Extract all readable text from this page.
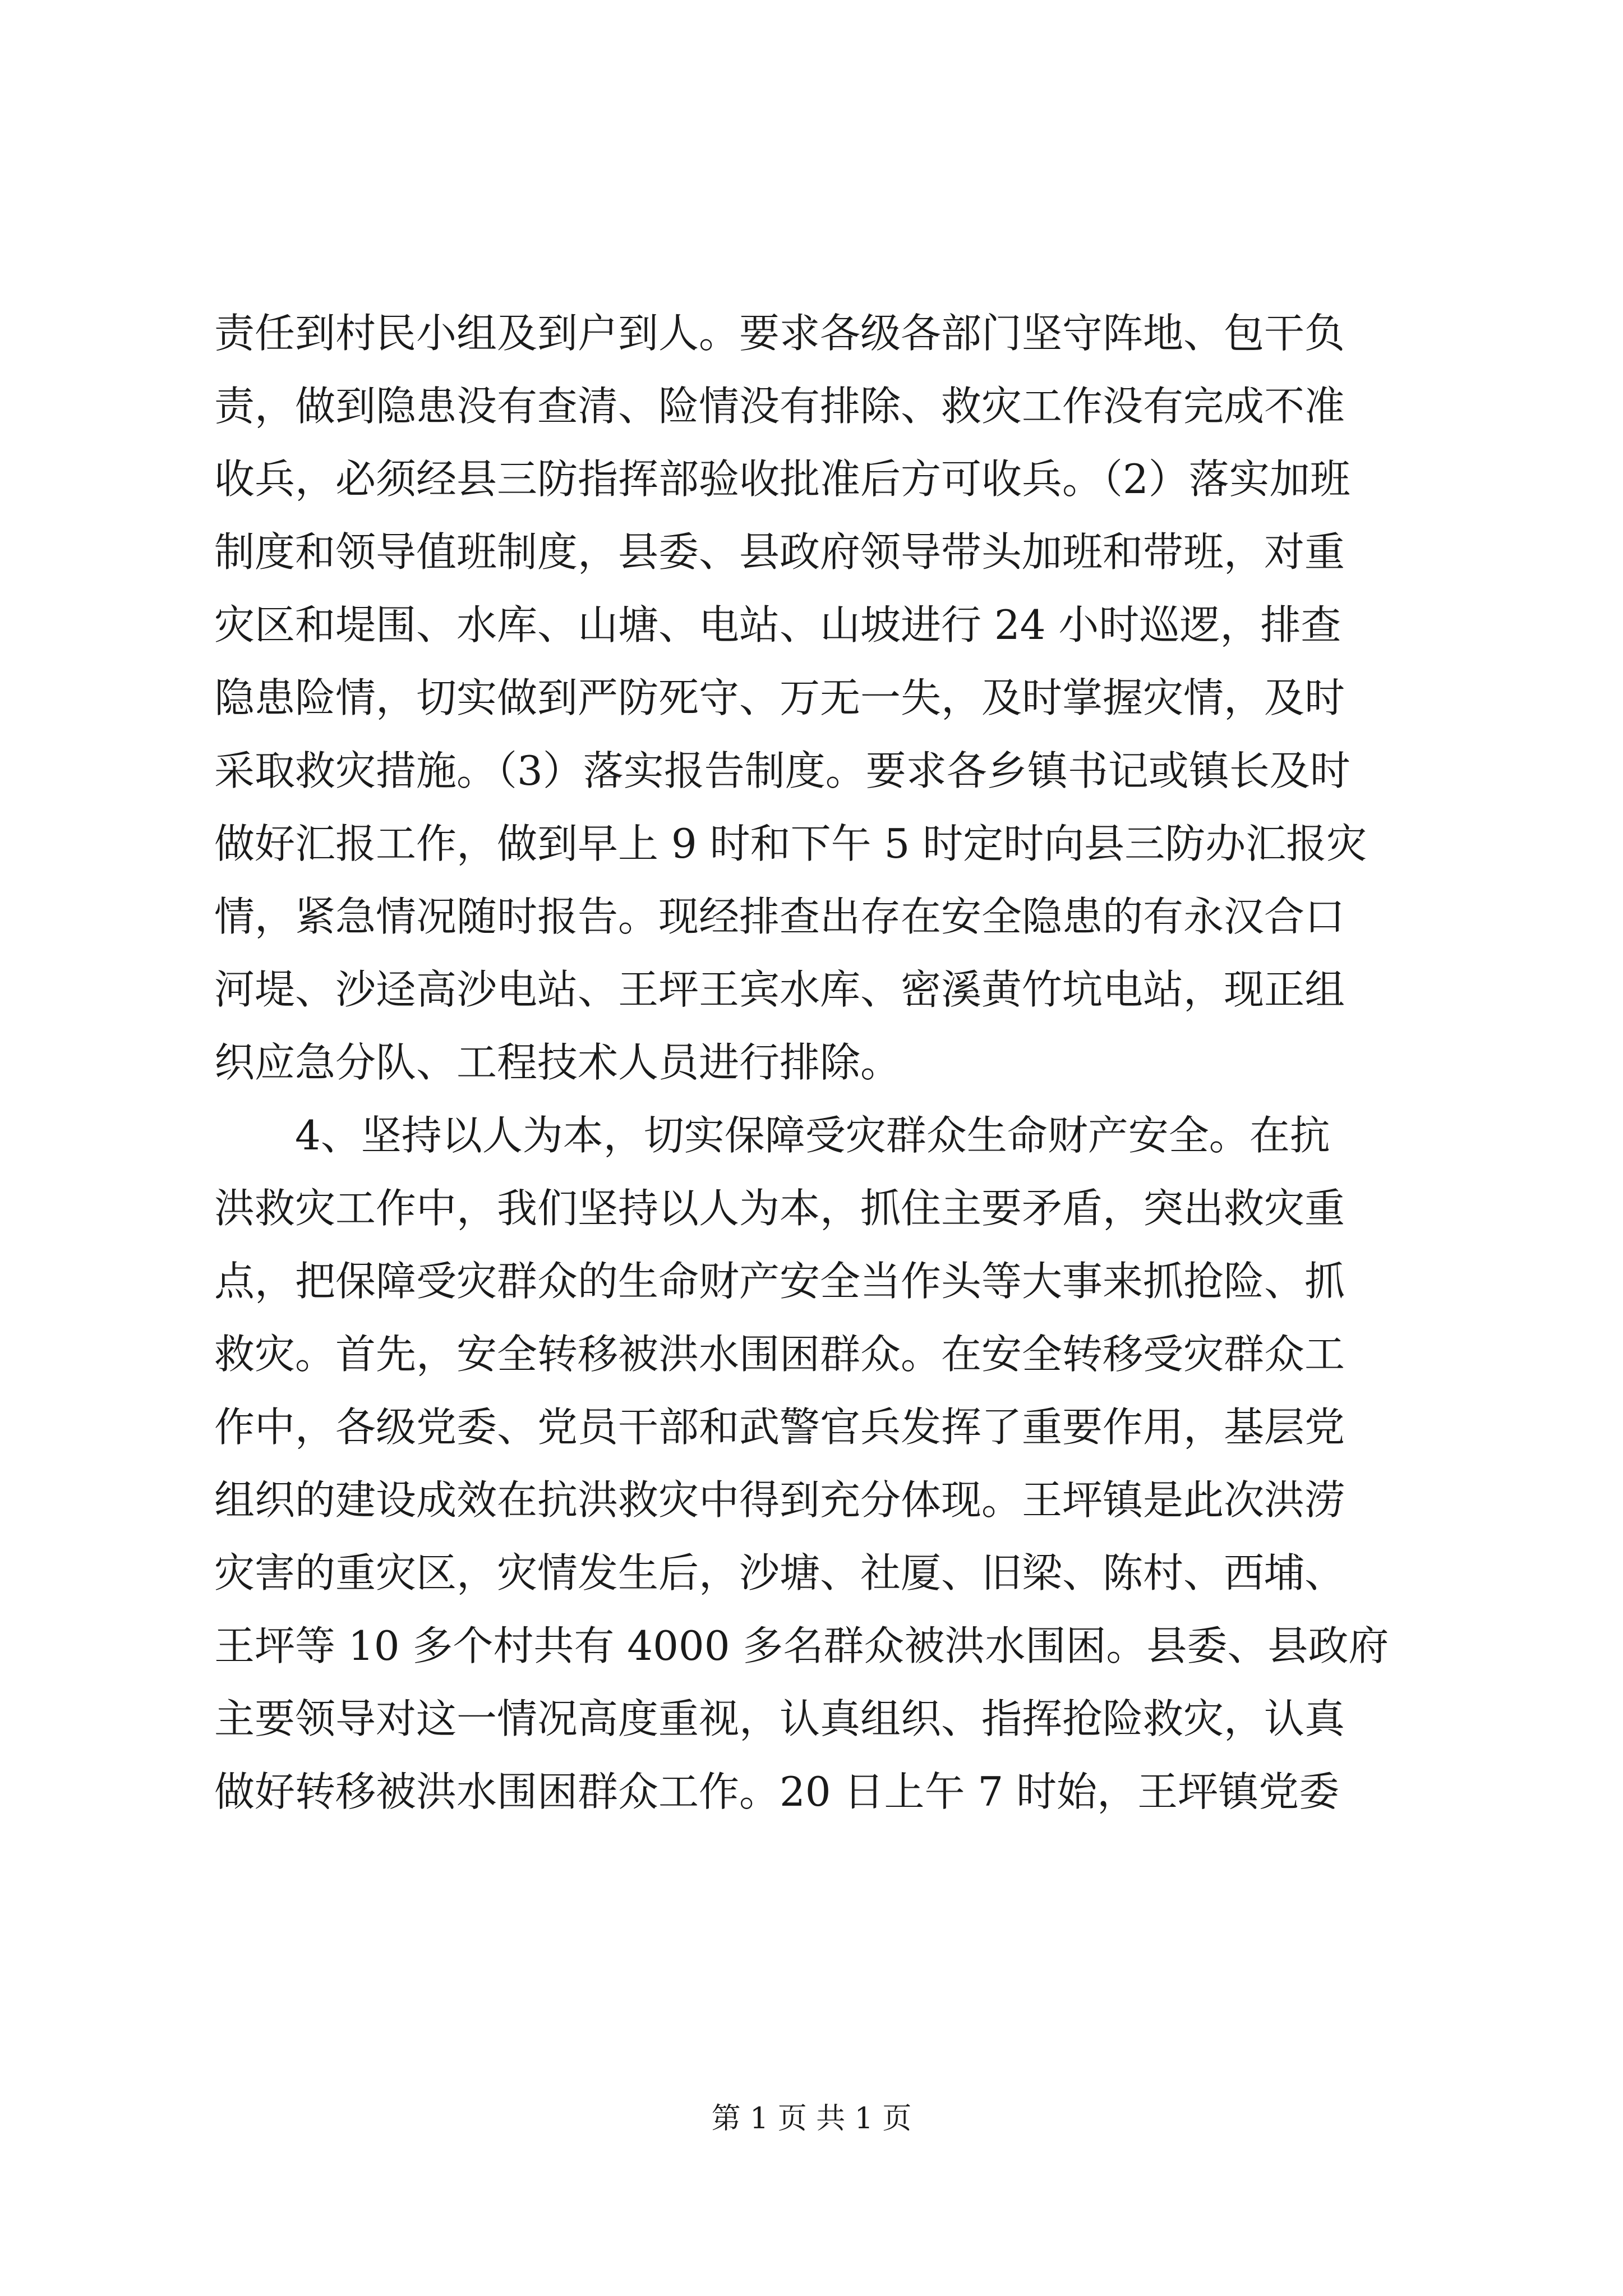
责任到村民小组及到户到人。要求各级各部门坚守阵地、包干负
责，做到隐患没有查清、险情没有排除、救灾工作没有完成不准
收兵，必须经县三防指挥部验收批准后方可收兵。（2）落实加班
制度和领导值班制度，县委、县政府领导带头加班和带班，对重
灾区和堤围、水库、山塘、电站、山坡进行 24 小时巡逻，排查
隐患险情，切实做到严防死守、万无一失，及时掌握灾情，及时
采取救灾措施。（3）落实报告制度。要求各乡镇书记或镇长及时
做好汇报工作，做到早上 9 时和下午 5 时定时向县三防办汇报灾
情，紧急情况随时报告。现经排查出存在安全隐患的有永汉合口
河堤、沙迳高沙电站、王坪王宾水库、密溪黄竹坑电站，现正组
织应急分队、工程技术人员进行排除。
4、坚持以人为本，切实保障受灾群众生命财产安全。在抗
洪救灾工作中，我们坚持以人为本，抓住主要矛盾，突出救灾重
点，把保障受灾群众的生命财产安全当作头等大事来抓抢险、抓
救灾。首先，安全转移被洪水围困群众。在安全转移受灾群众工
作中，各级党委、党员干部和武警官兵发挥了重要作用，基层党
组织的建设成效在抗洪救灾中得到充分体现。王坪镇是此次洪涝
灾害的重灾区，灾情发生后，沙塘、社厦、旧梁、陈村、西埔、
王坪等 10 多个村共有 4000 多名群众被洪水围困。县委、县政府
主要领导对这一情况高度重视，认真组织、指挥抢险救灾，认真
做好转移被洪水围困群众工作。20 日上午 7 时始，王坪镇党委
第 1 页 共 1 页
